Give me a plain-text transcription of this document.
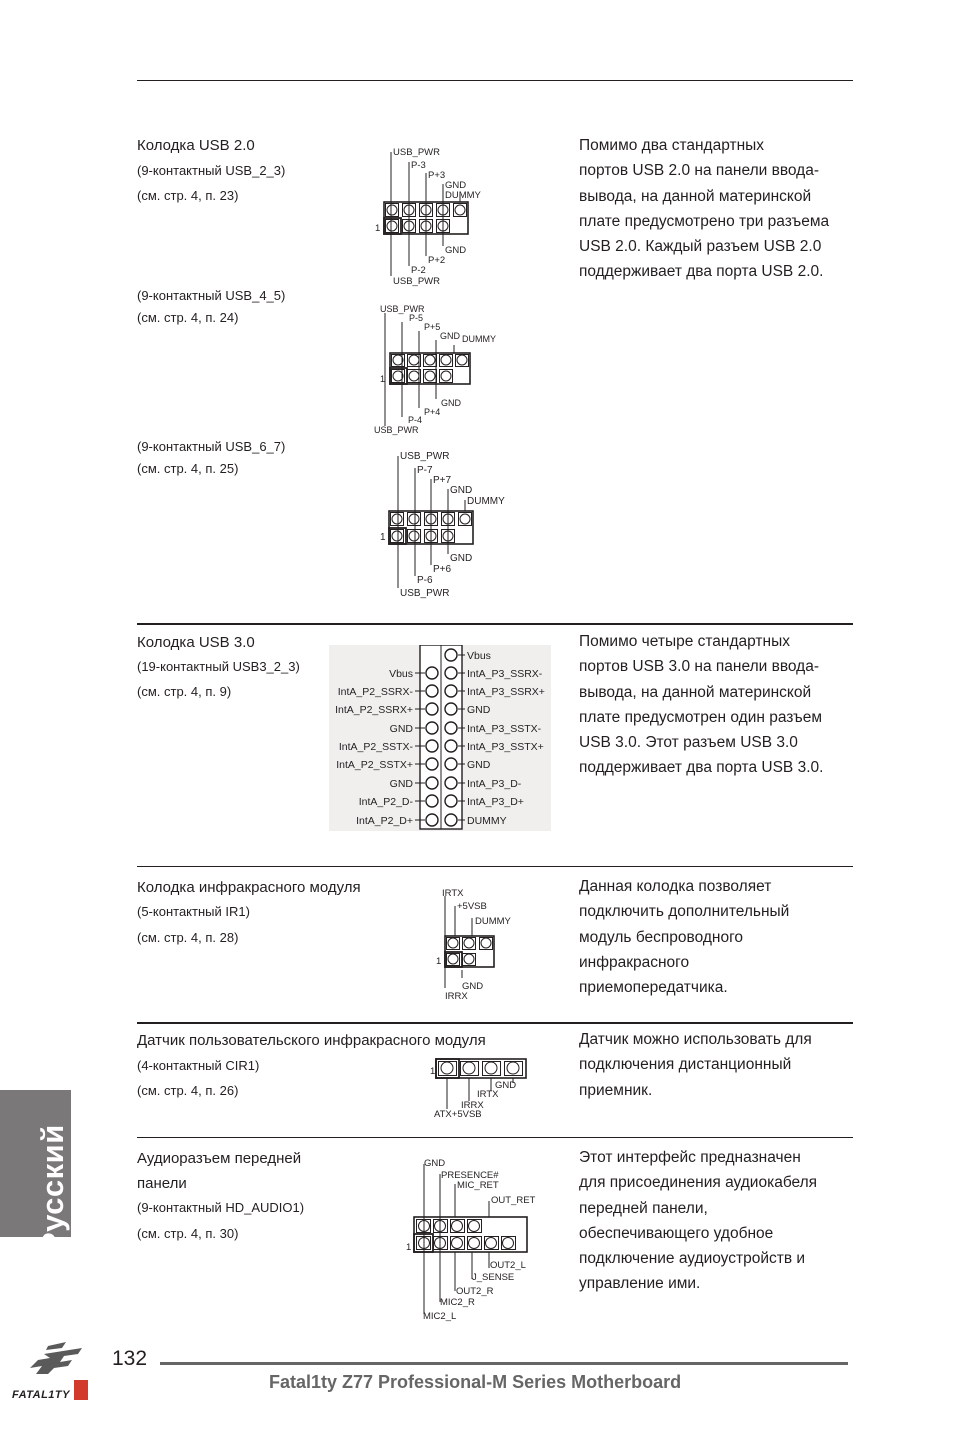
Колодка USB 2.0
(9-контактный USB_2_3)
(см. стр. 4, п. 23)
Помимо два стандартных
портов USB 2.0 на панели ввода-
вывода, на данной материнской
плате предусмотрено три разъема
USB 2.0. Каждый разъем USB 2.0
поддерживает два порта USB 2.0.
USB_PWR
P-3
P+3
GND
DUMMY
1
GND
P+2
P-2
USB_PWR
(9-контактный USB_4_5)
(см. стр. 4, п. 24)
USB_PWR
P-5
P+5
GND DUMMY
1
GND
P+4
P-4
USB_PWR
(9-контактный USB_6_7)
(см. стр. 4, п. 25)
USB_PWR
P-7
P+7
GND
DUMMY
1
GND
P+6
P-6
USB_PWR
Колодка USB 3.0
(19-контактный USB3_2_3)
(см. стр. 4, п. 9)
Помимо четыре стандартных
портов USB 3.0 на панели ввода-
вывода, на данной материнской
плате предусмотрен один разъем
USB 3.0. Этот разъем USB 3.0
поддерживает два порта USB 3.0.
Vbus
IntA_P2_SSRX-
IntA_P2_SSRX+
GND
IntA_P2_SSTX-
IntA_P2_SSTX+
GND
IntA_P2_D-
IntA_P2_D+
Vbus
IntA_P3_SSRX-
IntA_P3_SSRX+
GND
IntA_P3_SSTX-
IntA_P3_SSTX+
GND
IntA_P3_D-
IntA_P3_D+
DUMMY
Колодка инфракрасного модуля
(5-контактный IR1)
(см. стр. 4, п. 28)
Данная колодка позволяет
подключить дополнительный
модуль беспроводного
инфракрасного
приемопередатчика.
IRTX
+5VSB
DUMMY
1
GND
IRRX
Датчик пользовательского инфракрасного модуля
(4-контактный CIR1)
(см. стр. 4, п. 26)
Датчик можно использовать для
подключения дистанционный
приемник.
1
GND
IRTX
IRRX
ATX+5VSB
Аудиоразъем передней
панели
(9-контактный HD_AUDIO1)
(см. стр. 4, п. 30)
Этот интерфейс предназначен
для присоединения аудиокабеля
передней панели,
обеспечивающего удобное
подключение аудиоустройств и
управление ими.
GND
PRESENCE#
MIC_RET
OUT_RET
1
OUT2_L
J_SENSE
OUT2_R
MIC2_R
MIC2_L
Русский
FATAL1TY
132
Fatal1ty Z77 Professional-M Series Motherboard
